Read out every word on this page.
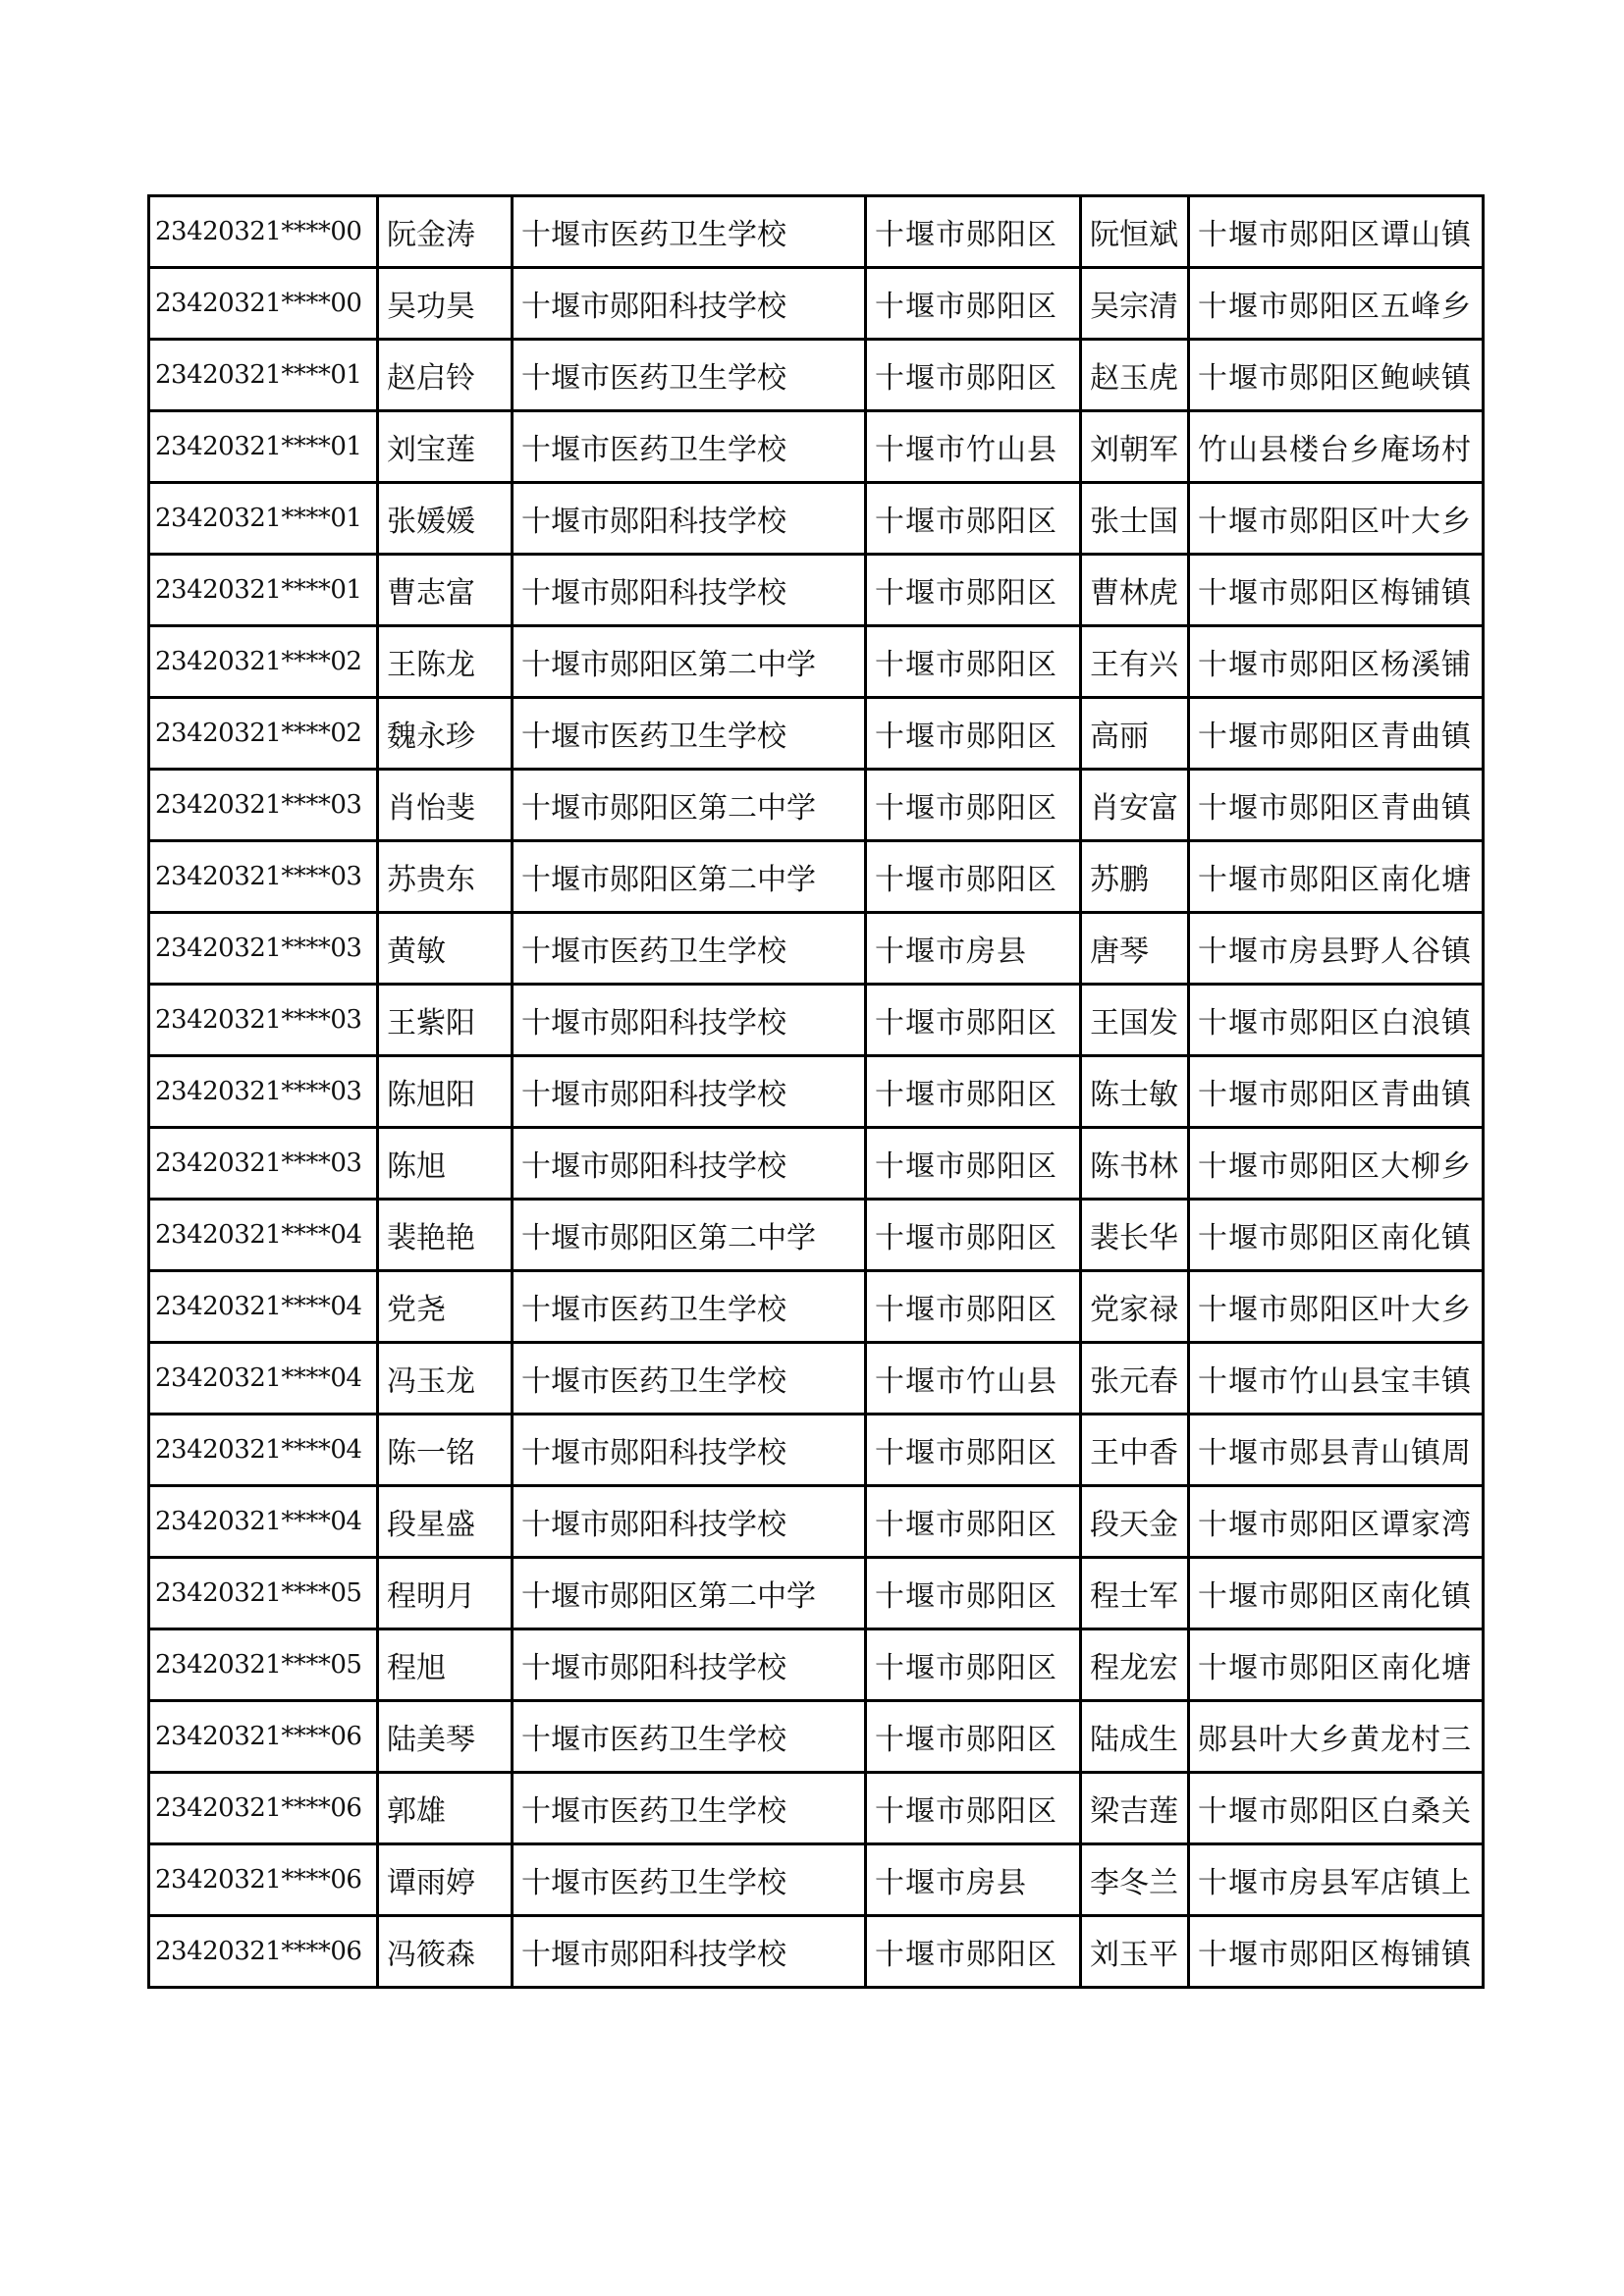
23420321****00	阮金涛	十堰市医药卫生学校	十堰市郧阳区	阮恒斌	十堰市郧阳区谭山镇
23420321****00	吴功昊	十堰市郧阳科技学校	十堰市郧阳区	吴宗清	十堰市郧阳区五峰乡
23420321****01	赵启铃	十堰市医药卫生学校	十堰市郧阳区	赵玉虎	十堰市郧阳区鲍峡镇
23420321****01	刘宝莲	十堰市医药卫生学校	十堰市竹山县	刘朝军	竹山县楼台乡庵场村
23420321****01	张媛媛	十堰市郧阳科技学校	十堰市郧阳区	张士国	十堰市郧阳区叶大乡
23420321****01	曹志富	十堰市郧阳科技学校	十堰市郧阳区	曹林虎	十堰市郧阳区梅铺镇
23420321****02	王陈龙	十堰市郧阳区第二中学	十堰市郧阳区	王有兴	十堰市郧阳区杨溪铺
23420321****02	魏永珍	十堰市医药卫生学校	十堰市郧阳区	高丽	十堰市郧阳区青曲镇
23420321****03	肖怡斐	十堰市郧阳区第二中学	十堰市郧阳区	肖安富	十堰市郧阳区青曲镇
23420321****03	苏贵东	十堰市郧阳区第二中学	十堰市郧阳区	苏鹏	十堰市郧阳区南化塘
23420321****03	黄敏	十堰市医药卫生学校	十堰市房县	唐琴	十堰市房县野人谷镇
23420321****03	王紫阳	十堰市郧阳科技学校	十堰市郧阳区	王国发	十堰市郧阳区白浪镇
23420321****03	陈旭阳	十堰市郧阳科技学校	十堰市郧阳区	陈士敏	十堰市郧阳区青曲镇
23420321****03	陈旭	十堰市郧阳科技学校	十堰市郧阳区	陈书林	十堰市郧阳区大柳乡
23420321****04	裴艳艳	十堰市郧阳区第二中学	十堰市郧阳区	裴长华	十堰市郧阳区南化镇
23420321****04	党尧	十堰市医药卫生学校	十堰市郧阳区	党家禄	十堰市郧阳区叶大乡
23420321****04	冯玉龙	十堰市医药卫生学校	十堰市竹山县	张元春	十堰市竹山县宝丰镇
23420321****04	陈一铭	十堰市郧阳科技学校	十堰市郧阳区	王中香	十堰市郧县青山镇周
23420321****04	段星盛	十堰市郧阳科技学校	十堰市郧阳区	段天金	十堰市郧阳区谭家湾
23420321****05	程明月	十堰市郧阳区第二中学	十堰市郧阳区	程士军	十堰市郧阳区南化镇
23420321****05	程旭	十堰市郧阳科技学校	十堰市郧阳区	程龙宏	十堰市郧阳区南化塘
23420321****06	陆美琴	十堰市医药卫生学校	十堰市郧阳区	陆成生	郧县叶大乡黄龙村三
23420321****06	郭雄	十堰市医药卫生学校	十堰市郧阳区	梁吉莲	十堰市郧阳区白桑关
23420321****06	谭雨婷	十堰市医药卫生学校	十堰市房县	李冬兰	十堰市房县军店镇上
23420321****06	冯筱森	十堰市郧阳科技学校	十堰市郧阳区	刘玉平	十堰市郧阳区梅铺镇
